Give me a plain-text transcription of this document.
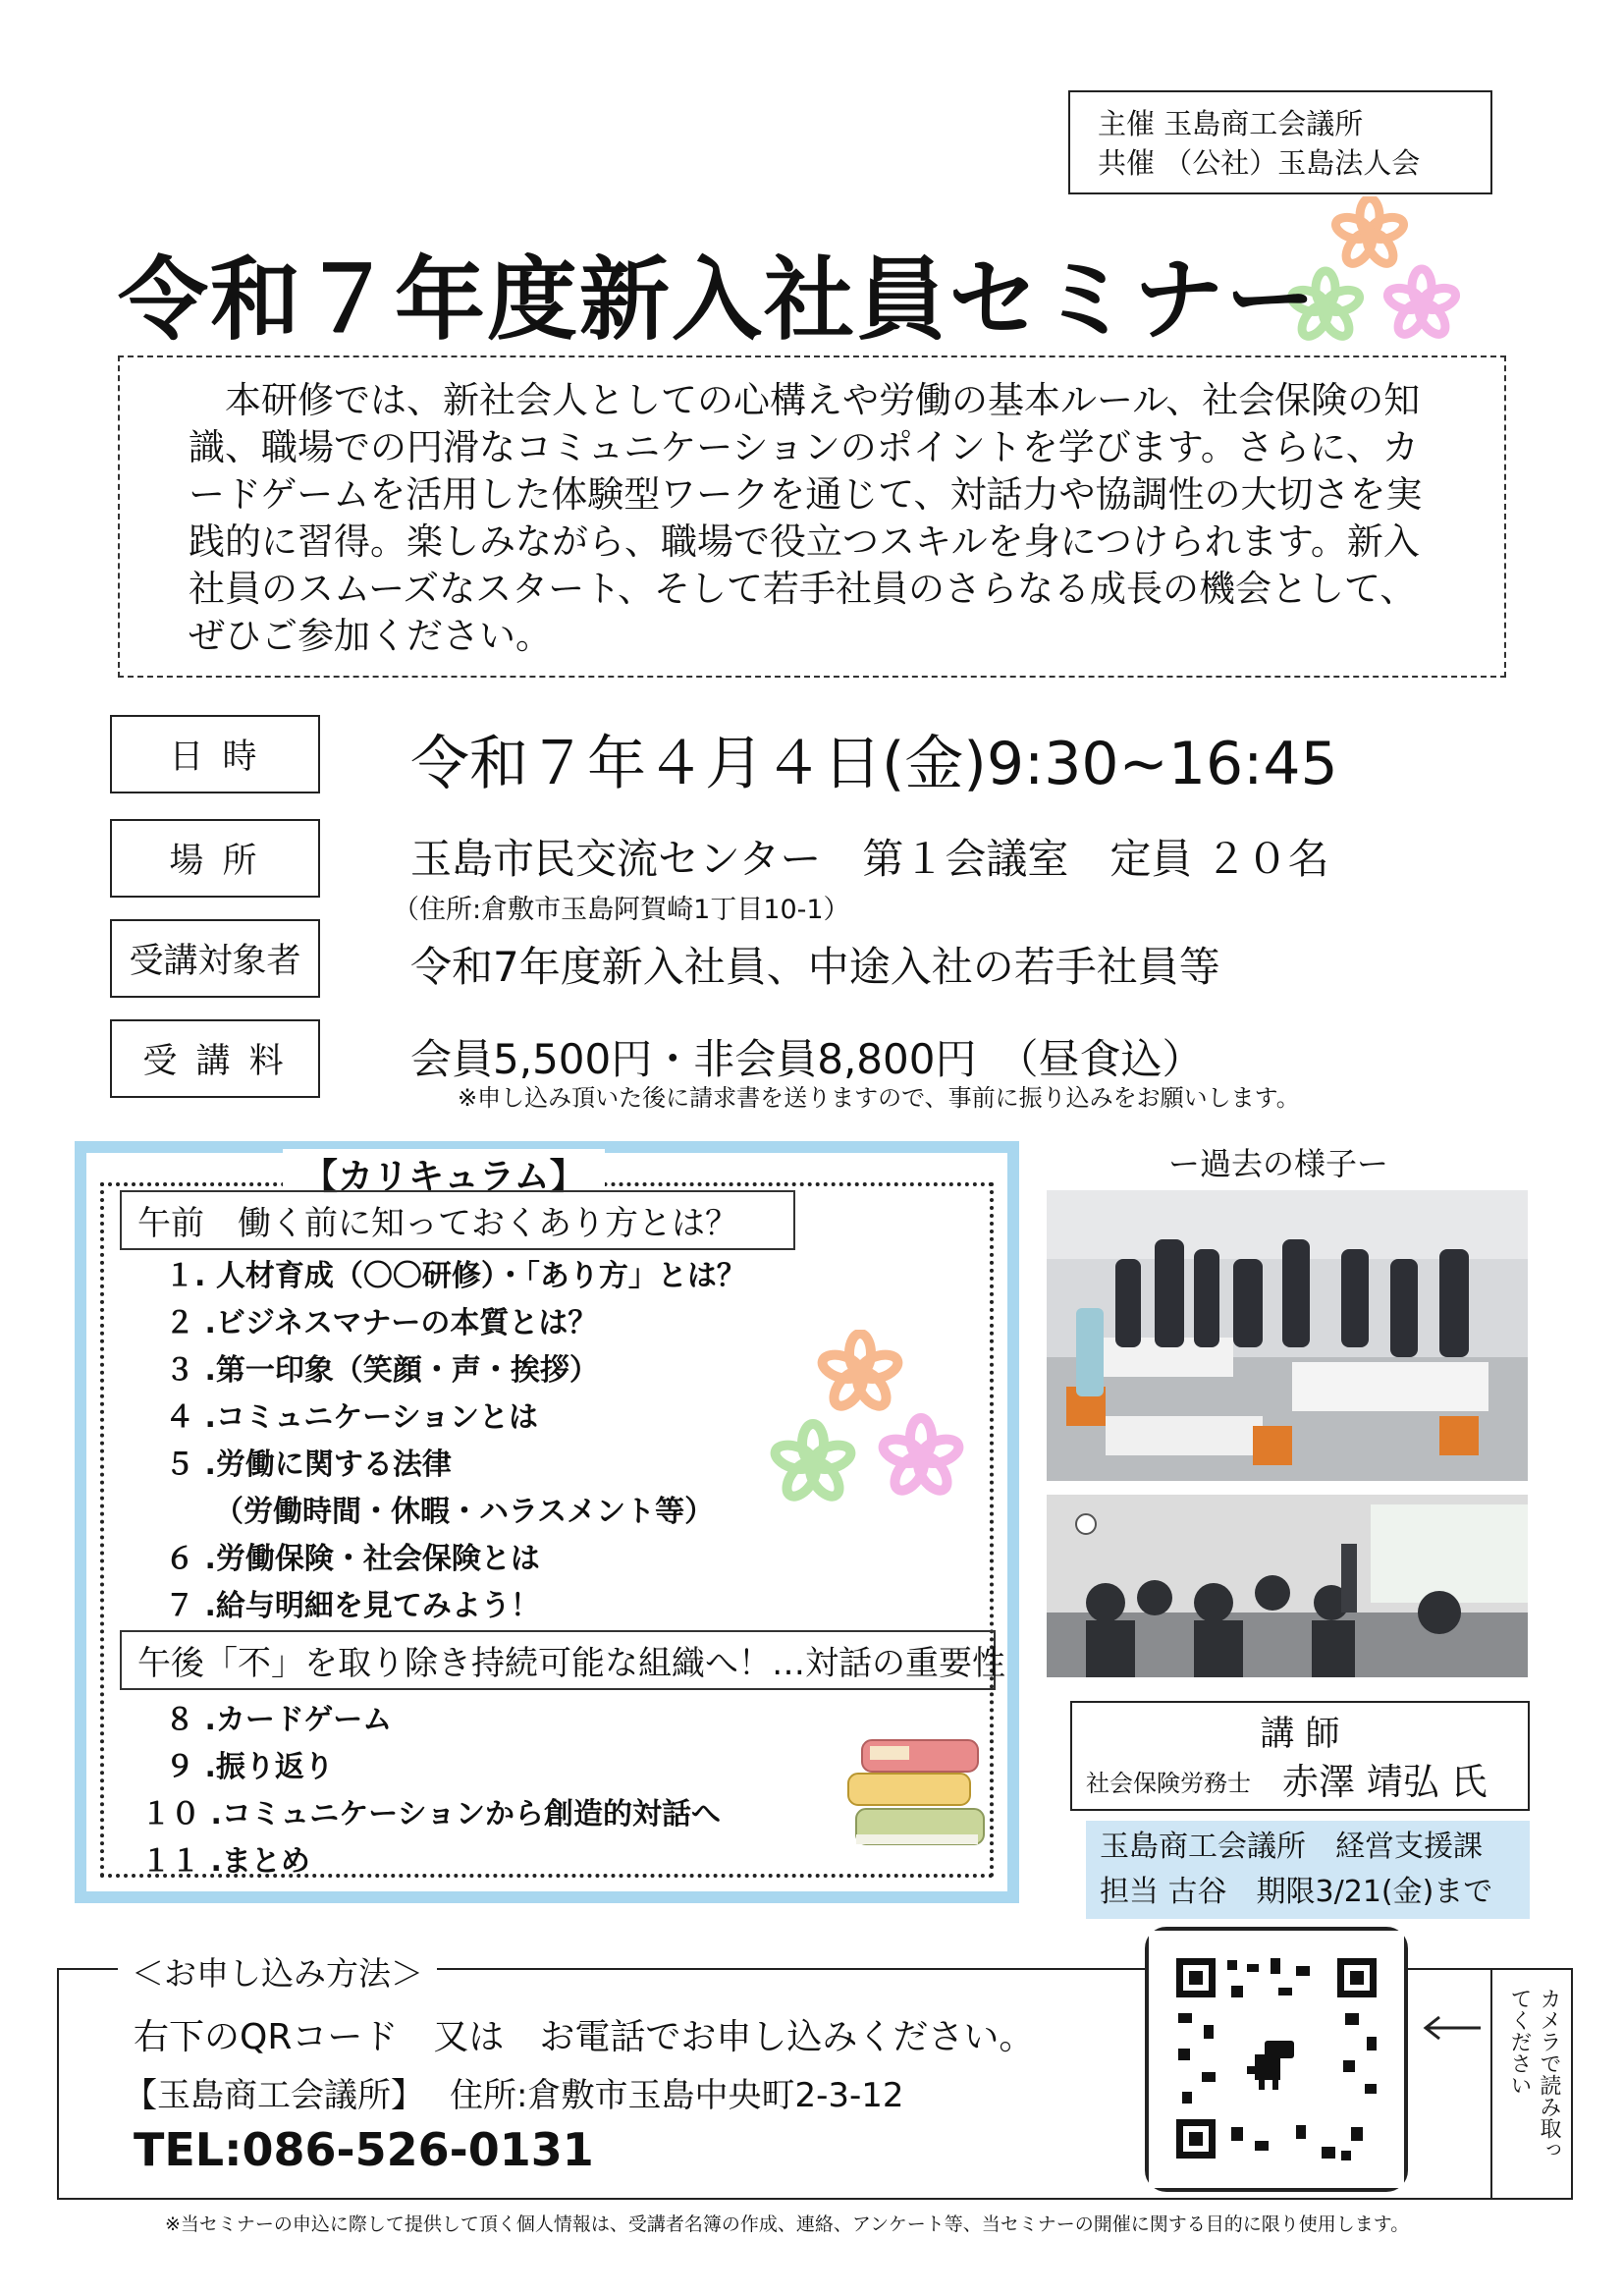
主催 玉島商工会議所
共催 （公社）玉島法人会
令和７年度新入社員セミナー

本研修では、新社会人としての心構えや労働の基本ルール、社会保険の知識、職場での円滑なコミュニケーションのポイントを学びます。さらに、カードゲームを活用した体験型ワークを通じて、対話力や協調性の大切さを実践的に習得。楽しみながら、職場で役立つスキルを身につけられます。新入社員のスムーズなスタート、そして若手社員のさらなる成長の機会として、ぜひご参加ください。

日 時	令和７年４月４日(金)9:30~16:45
場 所	玉島市民交流センター　第１会議室　定員 ２０名
（住所:倉敷市玉島阿賀崎1丁目10-1）
受講対象者	令和7年度新入社員、中途入社の若手社員等
受 講 料	会員5,500円・非会員8,800円　（昼食込）
※申し込み頂いた後に請求書を送りますので、事前に振り込みをお願いします。
【カリキュラム】
午前　働く前に知っておくあり方とは？
１. 人材育成（〇〇研修）・「あり方」とは？
２ .ビジネスマナーの本質とは？
３ .第一印象（笑顔・声・挨拶）
４ .コミュニケーションとは
５ .労働に関する法律
（労働時間・休暇・ハラスメント等）
６ .労働保険・社会保険とは
７ .給与明細を見てみよう！
午後「不」を取り除き持続可能な組織へ！…対話の重要性
８ .カードゲーム
９ .振り返り
１０ .コミュニケーションから創造的対話へ
１１ .まとめ
ー過去の様子ー
講 師
社会保険労務士 赤澤 靖弘 氏
玉島商工会議所　経営支援課
担当 古谷　期限3/21(金)まで
＜お申し込み方法＞
右下のQRコード　又は　お電話でお申し込みください。
【玉島商工会議所】 住所:倉敷市玉島中央町2-3-12
TEL:086-526-0131	カメラで読み取ってください
※当セミナーの申込に際して提供して頂く個人情報は、受講者名簿の作成、連絡、アンケート等、当セミナーの開催に関する目的に限り使用します。
